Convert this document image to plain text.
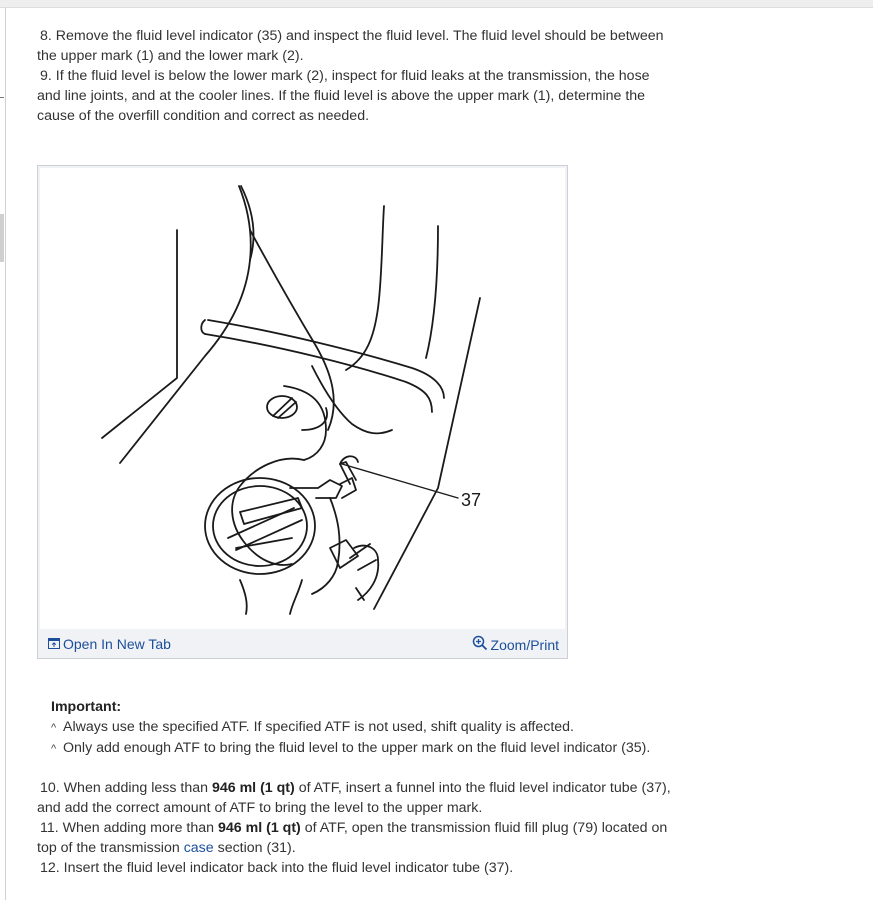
8. Remove the fluid level indicator (35) and inspect the fluid level. The fluid level should be between the upper mark (1) and the lower mark (2).
9. If the fluid level is below the lower mark (2), inspect for fluid leaks at the transmission, the hose and line joints, and at the cooler lines. If the fluid level is above the upper mark (1), determine the cause of the overfill condition and correct as needed.
37
Open In New Tab	Zoom/Print
Important:
^ Always use the specified ATF. If specified ATF is not used, shift quality is affected.
^ Only add enough ATF to bring the fluid level to the upper mark on the fluid level indicator (35).
10. When adding less than 946 ml (1 qt) of ATF, insert a funnel into the fluid level indicator tube (37), and add the correct amount of ATF to bring the level to the upper mark.
11. When adding more than 946 ml (1 qt) of ATF, open the transmission fluid fill plug (79) located on top of the transmission case section (31).
12. Insert the fluid level indicator back into the fluid level indicator tube (37).
